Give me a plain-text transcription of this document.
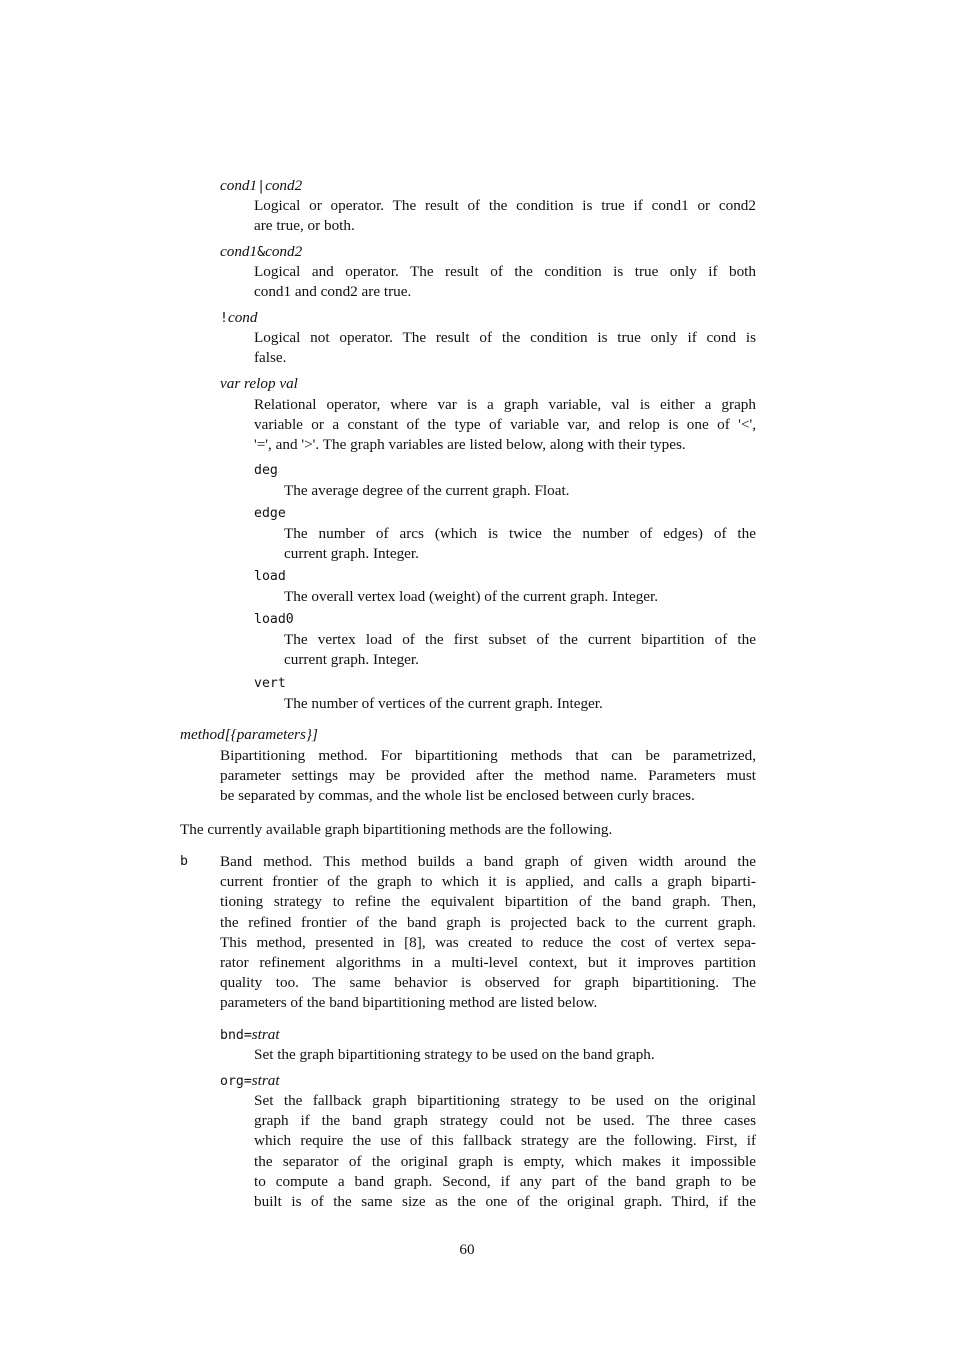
cond1|cond2
Logical or operator. The result of the condition is true if cond1 or cond2
are true, or both.
cond1&cond2
Logical and operator. The result of the condition is true only if both
cond1 and cond2 are true.
!cond
Logical not operator. The result of the condition is true only if cond is
false.
var relop val
Relational operator, where var is a graph variable, val is either a graph
variable or a constant of the type of variable var, and relop is one of '<',
'=', and '>'. The graph variables are listed below, along with their types.
deg
The average degree of the current graph. Float.
edge
The number of arcs (which is twice the number of edges) of the
current graph. Integer.
load
The overall vertex load (weight) of the current graph. Integer.
load0
The vertex load of the first subset of the current bipartition of the
current graph. Integer.
vert
The number of vertices of the current graph. Integer.
method[{parameters}]
Bipartitioning method. For bipartitioning methods that can be parametrized,
parameter settings may be provided after the method name. Parameters must
be separated by commas, and the whole list be enclosed between curly braces.
The currently available graph bipartitioning methods are the following.
b Band method. This method builds a band graph of given width around the
current frontier of the graph to which it is applied, and calls a graph biparti-
tioning strategy to refine the equivalent bipartition of the band graph. Then,
the refined frontier of the band graph is projected back to the current graph.
This method, presented in [8], was created to reduce the cost of vertex sepa-
rator refinement algorithms in a multi-level context, but it improves partition
quality too. The same behavior is observed for graph bipartitioning. The
parameters of the band bipartitioning method are listed below.
bnd=strat
Set the graph bipartitioning strategy to be used on the band graph.
org=strat
Set the fallback graph bipartitioning strategy to be used on the original
graph if the band graph strategy could not be used. The three cases
which require the use of this fallback strategy are the following. First, if
the separator of the original graph is empty, which makes it impossible
to compute a band graph. Second, if any part of the band graph to be
built is of the same size as the one of the original graph. Third, if the
60
